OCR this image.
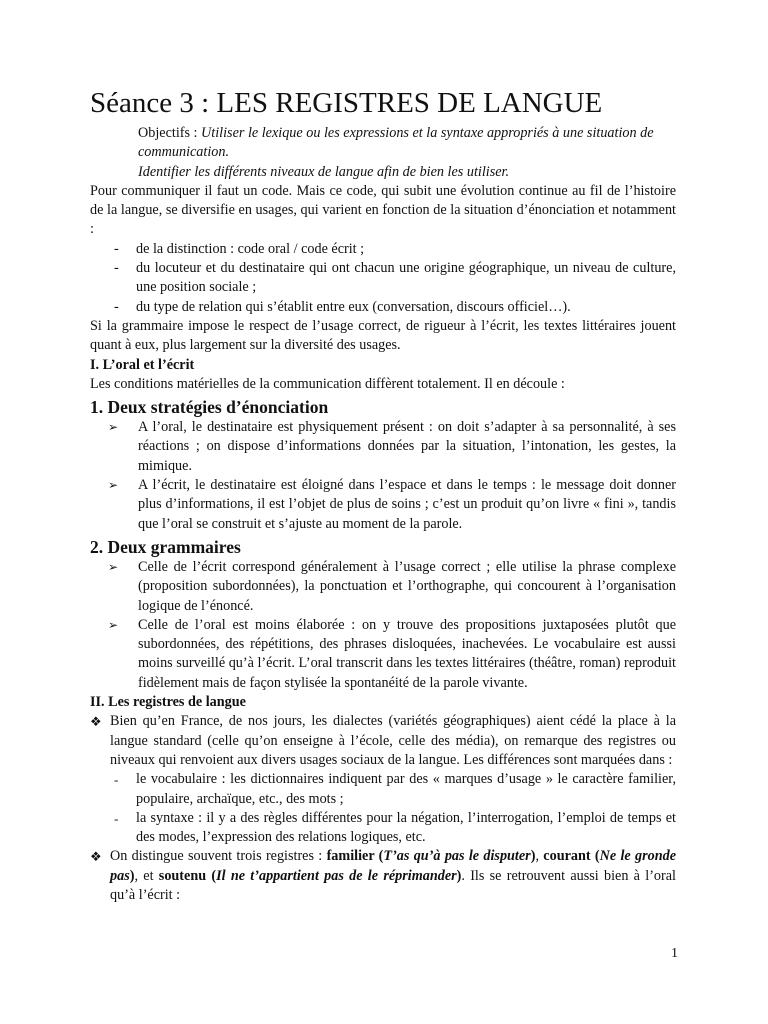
Séance 3 : LES REGISTRES DE LANGUE

Objectifs : Utiliser le lexique ou les expressions et la syntaxe appropriés à une situation de communication.

Identifier les différents niveaux de langue afin de bien les utiliser.

Pour communiquer il faut un code. Mais ce code, qui subit une évolution continue au fil de l’histoire de la langue, se diversifie en usages, qui varient en fonction de la situation d’énonciation et notamment :

- de la distinction : code oral / code écrit ;
- du locuteur et du destinataire qui ont chacun une origine géographique, un niveau de culture, une position sociale ;
- du type de relation qui s’établit entre eux (conversation, discours officiel…).

Si la grammaire impose le respect de l’usage correct, de rigueur à l’écrit, les textes littéraires jouent quant à eux, plus largement sur la diversité des usages.

I. L’oral et l’écrit

Les conditions matérielles de la communication diffèrent totalement. Il en découle :

1. Deux stratégies d’énonciation
➢ A l’oral, le destinataire est physiquement présent : on doit s’adapter à sa personnalité, à ses réactions ; on dispose d’informations données par la situation, l’intonation, les gestes, la mimique.
➢ A l’écrit, le destinataire est éloigné dans l’espace et dans le temps : le message doit donner plus d’informations, il est l’objet de plus de soins ; c’est un produit qu’on livre « fini », tandis que l’oral se construit et s’ajuste au moment de la parole.
2. Deux grammaires
➢ Celle de l’écrit correspond généralement à l’usage correct ; elle utilise la phrase complexe (proposition subordonnées), la ponctuation et l’orthographe, qui concourent à l’organisation logique de l’énoncé.
➢ Celle de l’oral est moins élaborée : on y trouve des propositions juxtaposées plutôt que subordonnées, des répétitions, des phrases disloquées, inachevées. Le vocabulaire est aussi moins surveillé qu’à l’écrit. L’oral transcrit dans les textes littéraires (théâtre, roman) reproduit fidèlement mais de façon stylisée la spontanéité de la parole vivante.
II. Les registres de langue
❖ Bien qu’en France, de nos jours, les dialectes (variétés géographiques) aient cédé la place à la langue standard (celle qu’on enseigne à l’école, celle des média), on remarque des registres ou niveaux qui renvoient aux divers usages sociaux de la langue. Les différences sont marquées dans :
- le vocabulaire : les dictionnaires indiquent par des « marques d’usage » le caractère familier, populaire, archaïque, etc., des mots ;
- la syntaxe : il y a des règles différentes pour la négation, l’interrogation, l’emploi de temps et des modes, l’expression des relations logiques, etc.
❖ On distingue souvent trois registres : familier (T’as qu’à pas le disputer), courant (Ne le gronde pas), et soutenu (Il ne t’appartient pas de le réprimander). Ils se retrouvent aussi bien à l’oral qu’à l’écrit :
1
